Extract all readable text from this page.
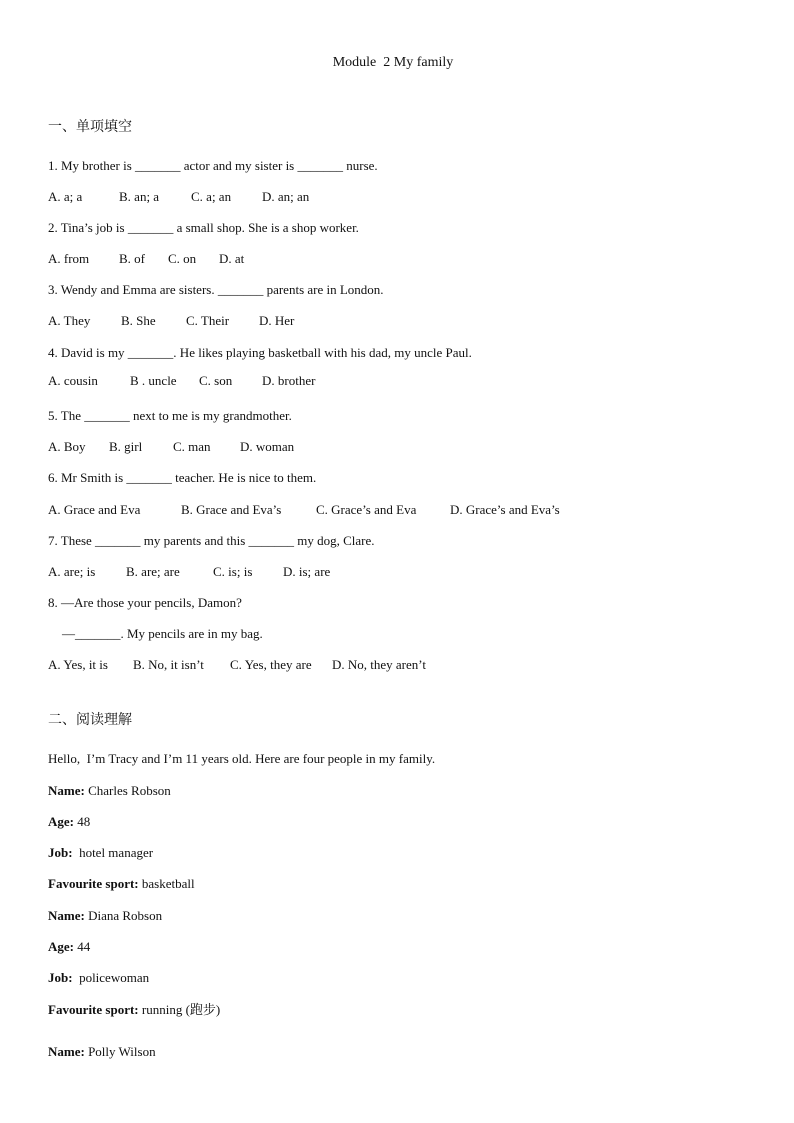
Module  2 My family
一、单项填空
1. My brother is _______ actor and my sister is _______ nurse.
A. a; a	B. an; a C. a; an D. an; an
2. Tina’s job is _______ a small shop. She is a shop worker.
A. from B. of C. on D. at
3. Wendy and Emma are sisters. _______ parents are in London.
A. They B. She C. Their D. Her
4. David is my _______. He likes playing basketball with his dad, my uncle Paul.
A. cousin B . uncle C. son D. brother
5. The _______ next to me is my grandmother.
A. Boy B. girl C. man D. woman
6. Mr Smith is _______ teacher. He is nice to them.
A. Grace and Eva	B. Grace and Eva’s	C. Grace’s and Eva	D. Grace’s and Eva’s
7. These _______ my parents and this _______ my dog, Clare.
A. are; is B. are; are	C. is; is D. is; are
8. —Are those your pencils, Damon?
—_______. My pencils are in my bag.
A. Yes, it is B. No, it isn’t C. Yes, they are D. No, they aren’t
二、阅读理解
Hello,  I’m Tracy and I’m 11 years old. Here are four people in my family.
Name: Charles Robson
Age: 48
Job:  hotel manager
Favourite sport: basketball
Name: Diana Robson
Age: 44
Job:  policewoman
Favourite sport: running (跑步)
Name: Polly Wilson
